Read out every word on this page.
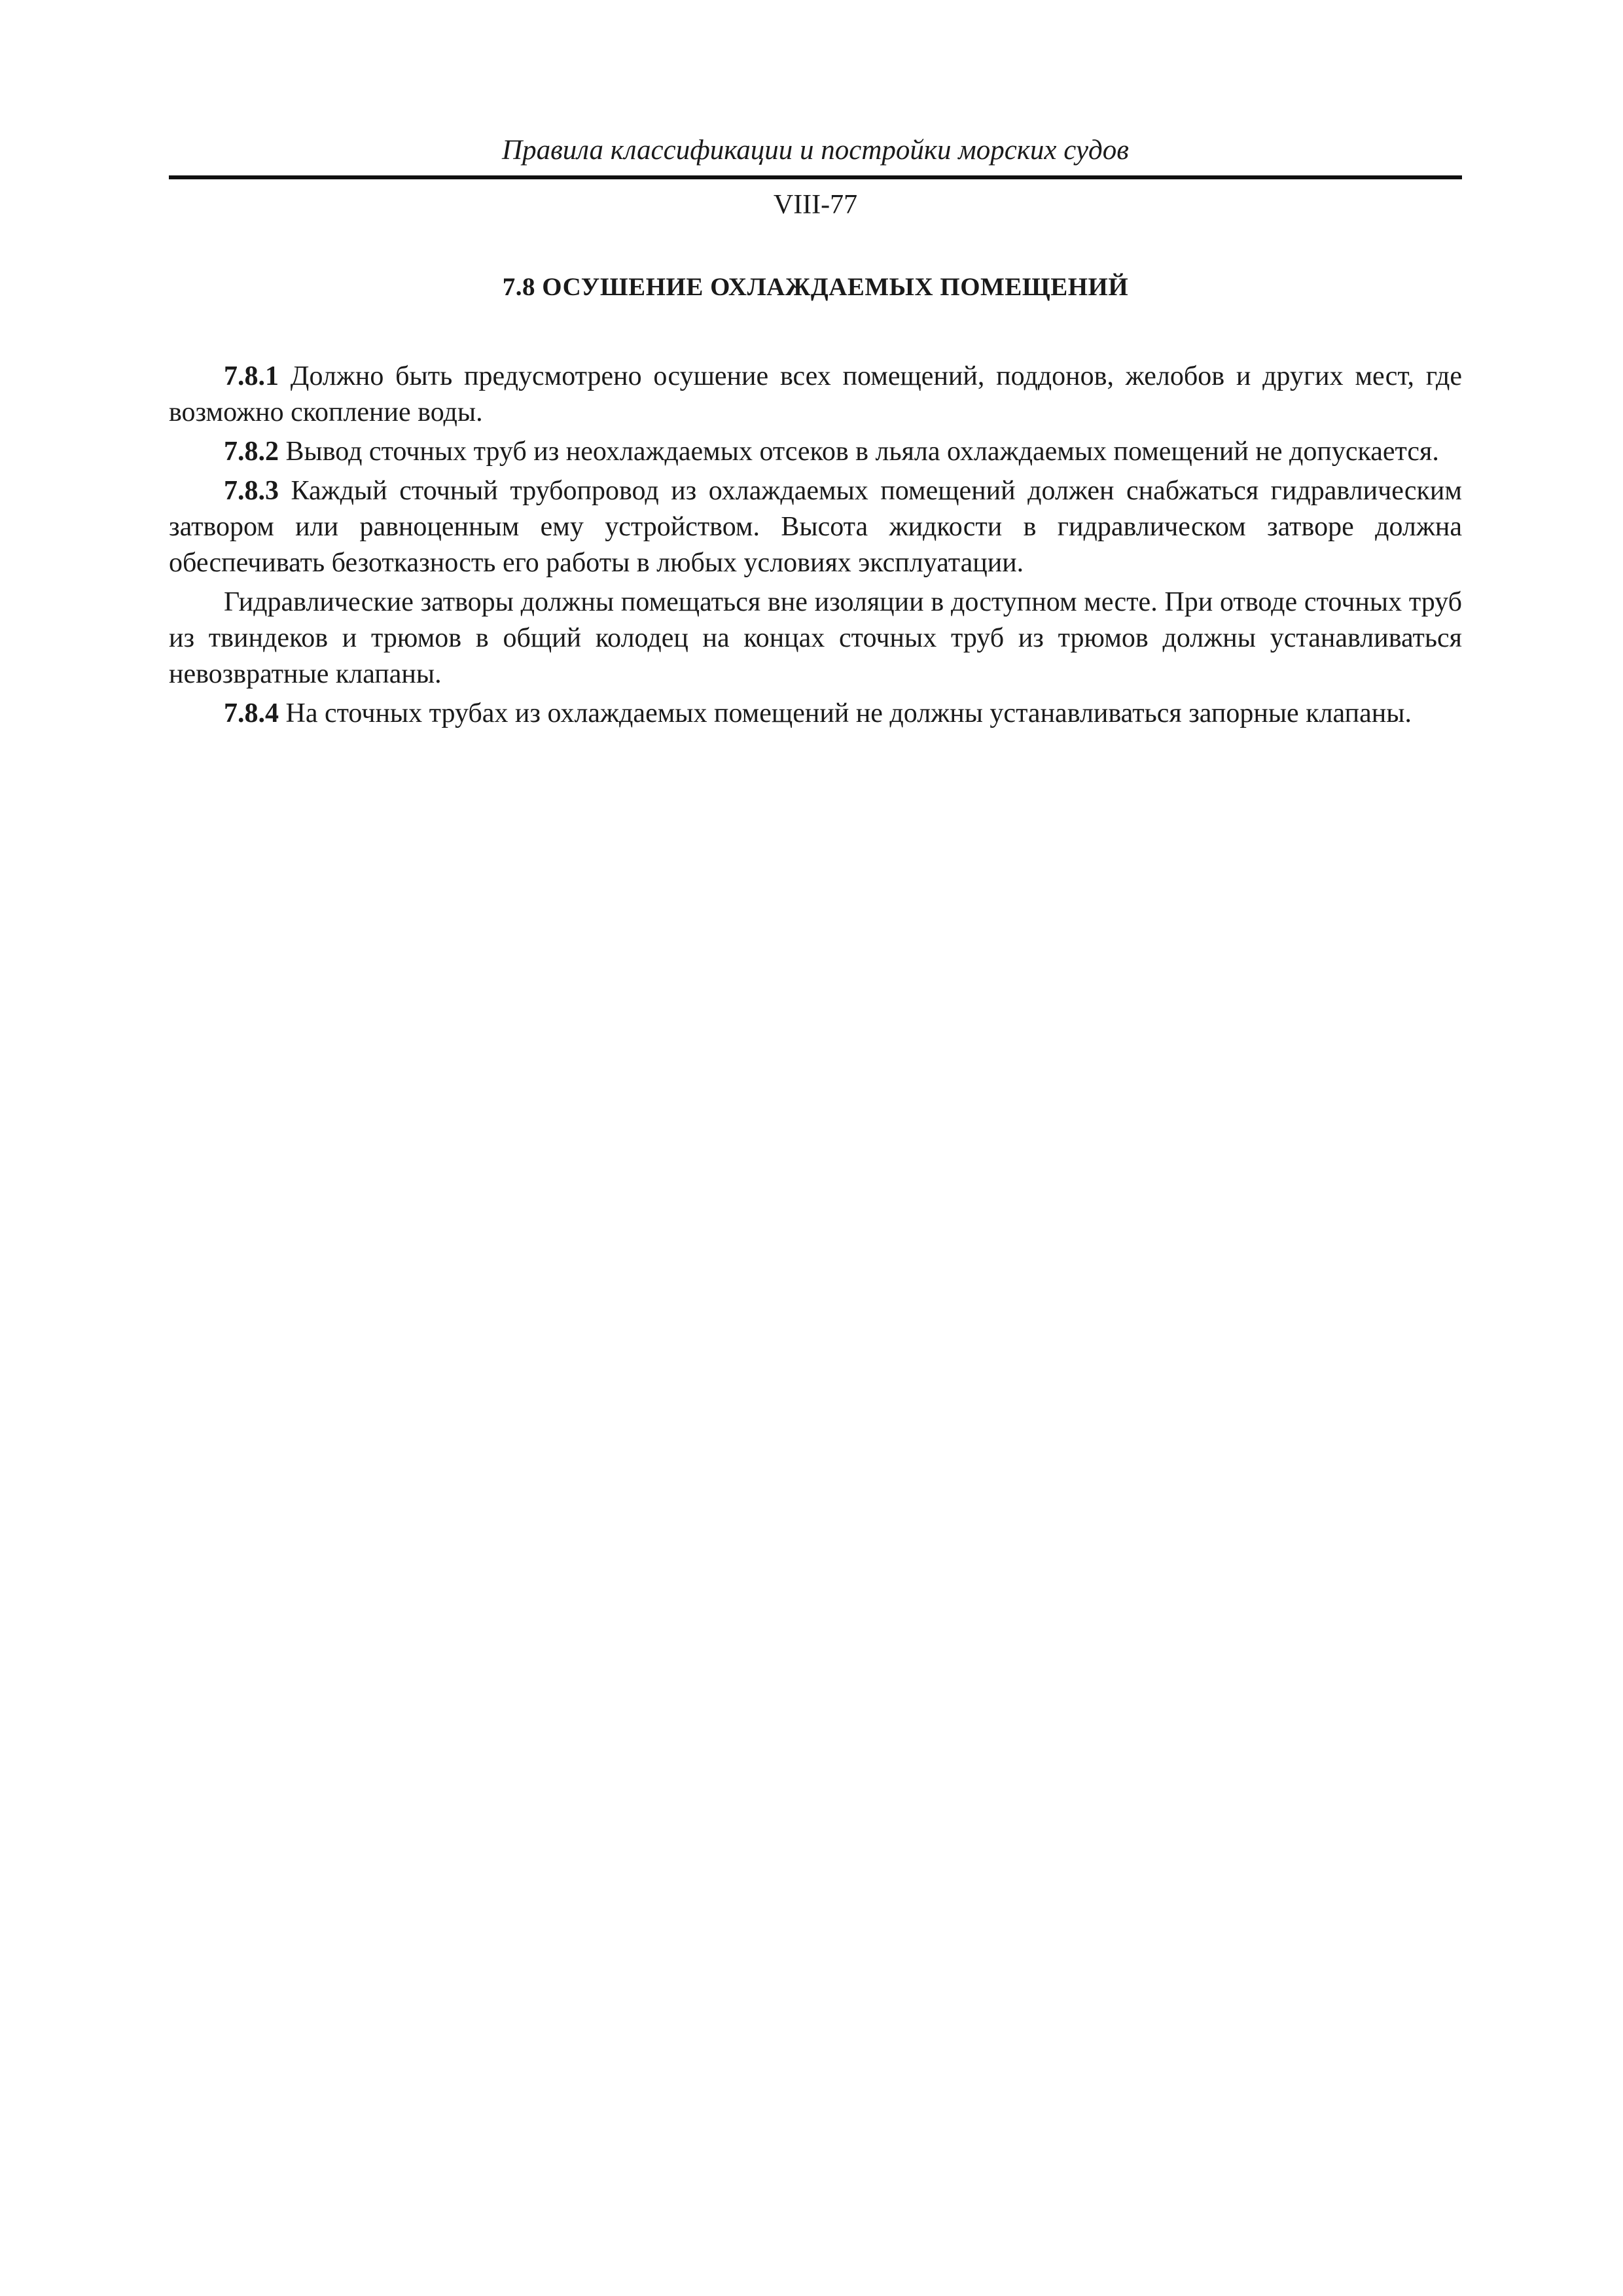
Правила классификации и постройки морских судов
VIII-77
7.8 ОСУШЕНИЕ ОХЛАЖДАЕМЫХ ПОМЕЩЕНИЙ

7.8.1 Должно быть предусмотрено осушение всех помещений, поддонов, желобов и других мест, где возможно скопление воды.

7.8.2 Вывод сточных труб из неохлаждаемых отсеков в льяла охлаждаемых помещений не допускается.

7.8.3 Каждый сточный трубопровод из охлаждаемых помещений должен снабжаться гидравлическим затвором или равноценным ему устройством. Высота жидкости в гидравлическом затворе должна обеспечивать безотказность его работы в любых условиях эксплуатации.

Гидравлические затворы должны помещаться вне изоляции в доступном месте. При отводе сточных труб из твиндеков и трюмов в общий колодец на концах сточных труб из трюмов должны устанавливаться невозвратные клапаны.

7.8.4 На сточных трубах из охлаждаемых помещений не должны устанавливаться запорные клапаны.
